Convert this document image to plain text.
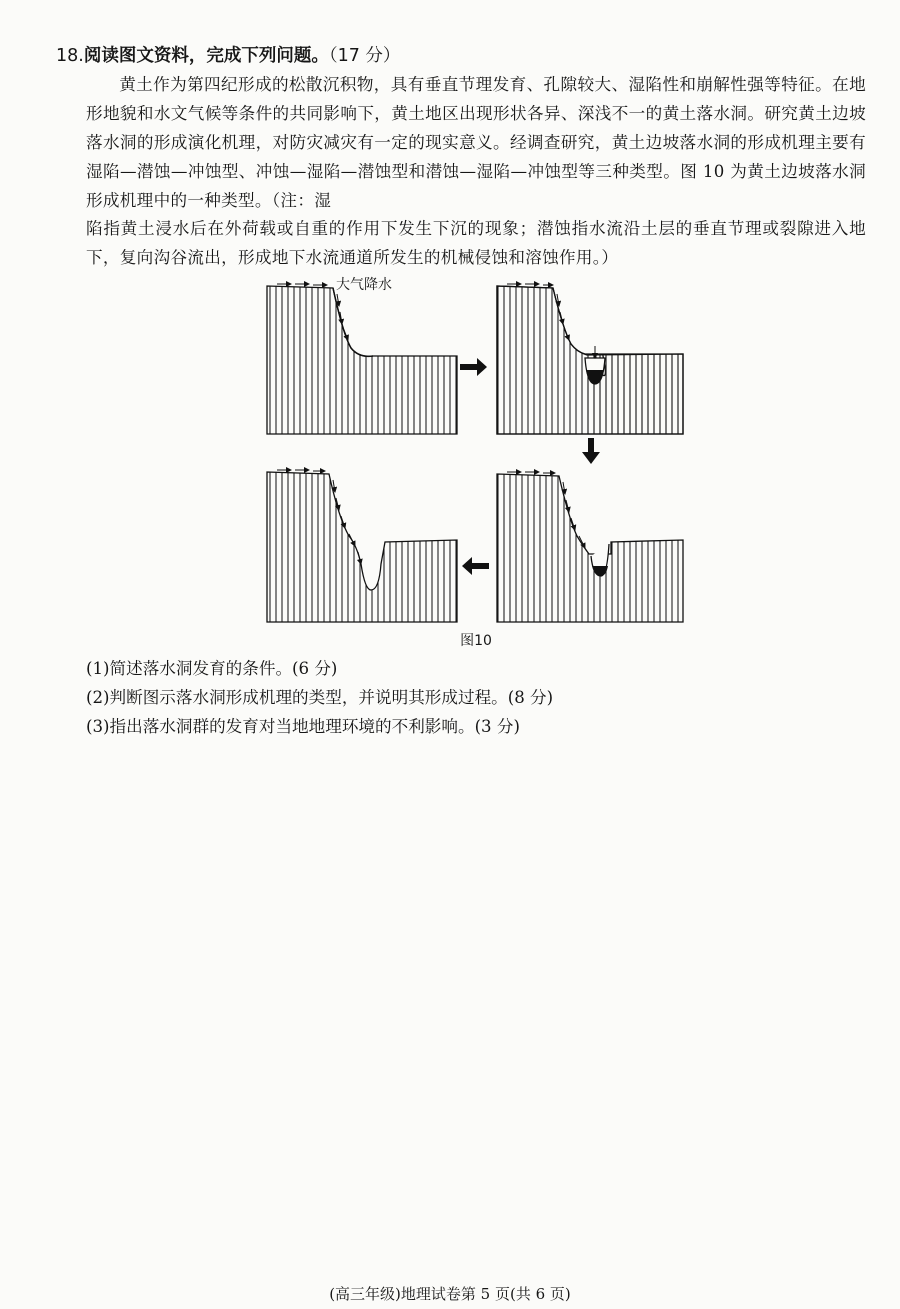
18.阅读图文资料，完成下列问题。（17 分）

黄土作为第四纪形成的松散沉积物，具有垂直节理发育、孔隙较大、湿陷性和崩解性强等特征。在地形地貌和水文气候等条件的共同影响下，黄土地区出现形状各异、深浅不一的黄土落水洞。研究黄土边坡落水洞的形成演化机理，对防灾减灾有一定的现实意义。经调查研究，黄土边坡落水洞的形成机理主要有湿陷—潜蚀—冲蚀型、冲蚀—湿陷—潜蚀型和潜蚀—湿陷—冲蚀型等三种类型。图 10 为黄土边坡落水洞形成机理中的一种类型。（注：湿

陷指黄土浸水后在外荷载或自重的作用下发生下沉的现象；潜蚀指水流沿土层的垂直节理或裂隙进入地下，复向沟谷流出，形成地下水流通道所发生的机械侵蚀和溶蚀作用。）

大气降水
图10
(1)简述落水洞发育的条件。(6 分)
(2)判断图示落水洞形成机理的类型，并说明其形成过程。(8 分)
(3)指出落水洞群的发育对当地地理环境的不利影响。(3 分)
(高三年级)地理试卷第 5 页(共 6 页)
